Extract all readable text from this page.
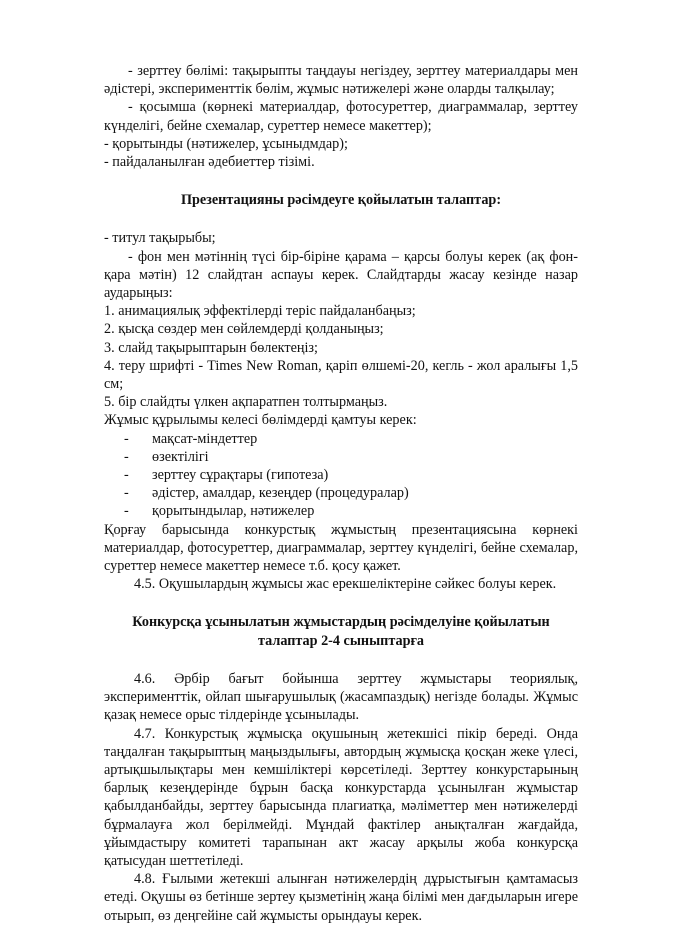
- зерттеу бөлімі: тақырыпты таңдауы негіздеу, зерттеу материалдары мен әдістері, эксперименттік бөлім, жұмыс нәтижелері және оларды талқылау;

- қосымша (көрнекі материалдар, фотосуреттер, диаграммалар, зерттеу күнделігі, бейне схемалар, суреттер немесе макеттер);

- қорытынды (нәтижелер, ұсыныдмдар);

- пайдаланылған әдебиеттер тізімі.

Презентацияны рәсімдеуге қойылатын талаптар:

- титул тақырыбы;

- фон мен мәтіннің түсі бір-біріне қарама – қарсы болуы керек (ақ фон-қара мәтін) 12 слайдтан аспауы керек. Слайдтарды жасау кезінде назар аударыңыз:

1. анимациялық эффектілерді теріс пайдаланбаңыз;

2. қысқа сөздер мен сөйлемдерді қолданыңыз;

3. слайд тақырыптарын бөлектеңіз;

4. теру шрифті - Times New Roman, қаріп өлшемі-20, кегль - жол аралығы 1,5 см;

5. бір слайдты үлкен ақпаратпен толтырмаңыз.

Жұмыс құрылымы келесі бөлімдерді қамтуы керек:

- мақсат-міндеттер

- өзектілігі

- зерттеу сұрақтары (гипотеза)

- әдістер, амалдар, кезеңдер (процедуралар)

- қорытындылар, нәтижелер

Қорғау барысында конкурстық жұмыстың презентациясына көрнекі материалдар, фотосуреттер, диаграммалар, зерттеу күнделігі, бейне схемалар, суреттер немесе макеттер немесе т.б. қосу қажет.

4.5. Оқушылардың жұмысы жас ерекшеліктеріне сәйкес болуы керек.

Конкурсқа ұсынылатын жұмыстардың рәсімделуіне қойылатын

талаптар 2-4 сыныптарға

4.6. Әрбір бағыт бойынша зерттеу жұмыстары теориялық, эксперименттік, ойлап шығарушылық (жасампаздық) негізде болады. Жұмыс қазақ немесе орыс тілдерінде ұсынылады.

4.7. Конкурстық жұмысқа оқушының жетекшісі пікір береді. Онда таңдалған тақырыптың маңыздылығы, автордың жұмысқа қосқан жеке үлесі, артықшылықтары мен кемшіліктері көрсетіледі. Зерттеу конкурстарының барлық кезеңдерінде бұрын басқа конкурстарда ұсынылған жұмыстар қабылданбайды, зерттеу барысында плагиатқа, мәліметтер мен нәтижелерді бұрмалауға жол берілмейді. Мұндай фактілер анықталған жағдайда, ұйымдастыру комитеті тарапынан акт жасау арқылы жоба конкурсқа қатысудан шеттетіледі.

4.8. Ғылыми жетекші алынған нәтижелердің дұрыстығын қамтамасыз етеді. Оқушы өз бетінше зертеу қызметінің жаңа білімі мен дағдыларын игере отырып, өз деңгейіне сай жұмысты орындауы керек.
